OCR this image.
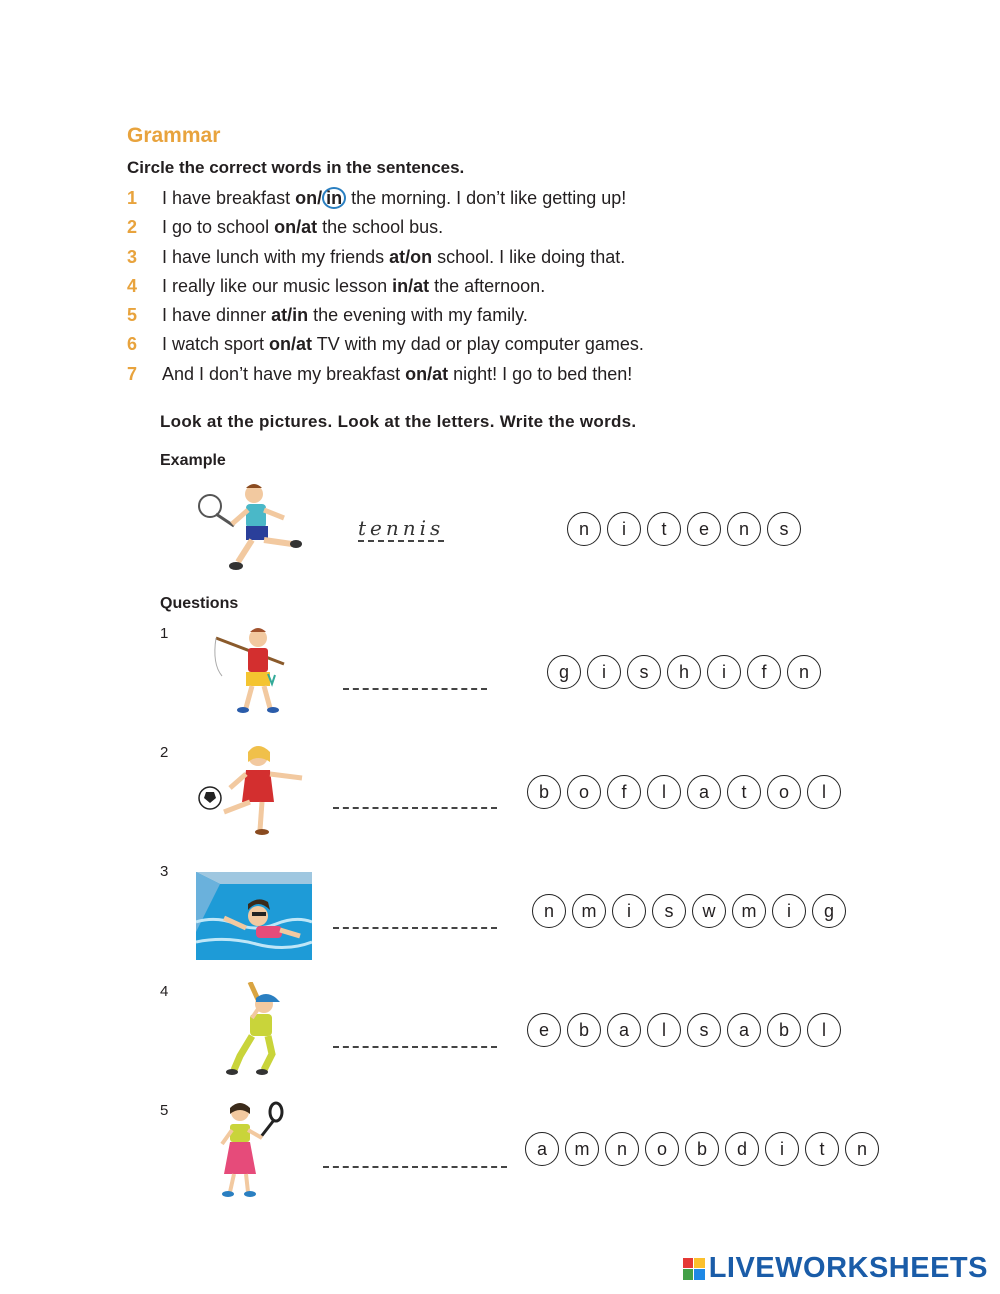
Grammar
Circle the correct words in the sentences.
1 I have breakfast on/ in the morning. I don’t like getting up!
2 I go to school on/at the school bus.
3 I have lunch with my friends at/on school. I like doing that.
4 I really like our music lesson in/at the afternoon.
5 I have dinner at/in the evening with my family.
6 I watch sport on/at TV with my dad or play computer games.
7 And I don’t have my breakfast on/at night! I go to bed then!
Look at the pictures. Look at the letters. Write the words.
Example
tennis	n	i	t	e	n	s
Questions
1
g	i	s	h	i	f	n
2
b	o	f	l	a	t	o	l
3
n	m	i	s	w	m	i	g
4
e	b	a	l	s	a	b	l
5
a	m	n	o	b	d	i	t	n
LIVEWORKSHEETS
